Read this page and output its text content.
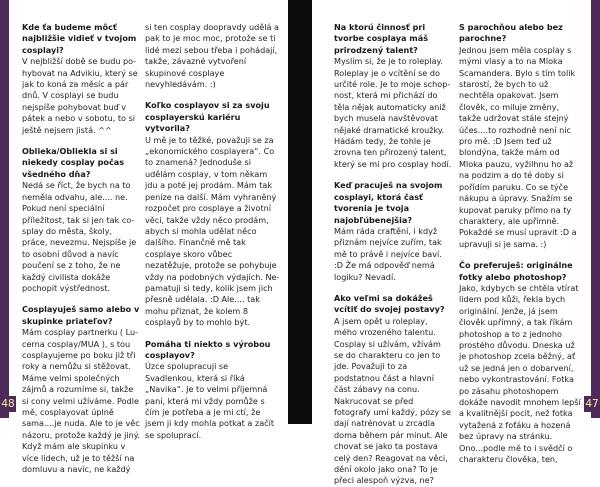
Kde ťa budeme môcť najbližšie vidieť v tvojom cosplayi?

V nejbližší době se budu pohybovat na Advikiu, který se jak to koná za měsíc a pár dnů. V cosplayi se budu nejspíše pohybovat buď v pátek a nebo v sobotu, to si ještě nejsem jistá. ^^

Oblieka/Obliekla si si niekedy cosplay počas všedného dňa?

Nedá se říct, že bych na to neměla odvahu, ale.... ne. Pokud není speciální příležitost, tak si jen tak cosplay do města, školy, práce, nevezmu. Nejspíše je to osobní důvod a navíc poučení se z toho, že ne každý civilista dokáže pochopit výstřednost.

Cosplayuješ samo alebo v skupinke priateľov?

Mám cosplay partnerku ( Lucerna cosplay/MUA ), s tou cosplayujeme po boku již tři roky a nemůžu si stěžovat. Máme velmi společných zájmů a rozumíme si, takže si cony velmi užíváme. Podle mě, cosplayovat úplně sama....je nuda. Ale to je věc názoru, protože každý je jiný. Když mám ale skupinku v více lidech, už je to těžší na domluvu a navíc, ne každý

si ten cosplay doopravdy udělá a pak to je moc moc, protože se ti lidé mezi sebou třeba i pohádají, takže, závazné vytvoření skupinové cosplaye nevyhledávám. :)

Koľko cosplayov si za svoju cosplayerskú kariéru vytvorila?

U mě je to těžké, považuji se za „ekonomického cosplayera“. Co to znamená? Jednoduše si udělám cosplay, v tom někam jdu a poté jej prodám. Mám tak peníze na další. Mám vyhraněný rozpočet pro cosplaye a životní věci, takže vždy něco prodám, abych si mohla udělat něco dalšího. Finančně mě tak cosplaye skoro vůbec nezatěžuje, protože se pohybuje vždy na podobných výdajích. Nepamatuji si tedy, kolik jsem jich přesně udělala. :D Ale.... tak mohu přiznat, že kolem 8 cosplayů by to mohlo být.

Pomáha ti niekto s výrobou cosplayov?

Úzce spolupracuji se Svadlenkou, která si říká „Navika“. Je to velmi příjemná paní, která mi vždy pomůže s čím je potřeba a je mi ctí, že jsem ji kdy mohla potkat a začít se spoluprací.

48

Na ktorú činnosť pri tvorbe cosplaya máš prirodzený talent?

Myslím si, že je to roleplay. Roleplay je o vcítění se do určité role. Je to moje schopnost, která mi přichází do těla nějak automaticky aniž bych musela navštěvovat nějaké dramatické kroužky. Hádám tedy, že tohle je zrovna ten přirozený talent, který se mi pro cosplay hodí.

Keď pracuješ na svojom cosplayi, ktorá časť tvorenia je tvoja najobľúbenejšia?

Mám ráda craftění, i když přiznám nejvíce zuřím, tak mě to právě i nejvíce baví. :D Že má odpověď nemá logiku? Nevadí.

Ako veľmi sa dokážeš vcítiť do svojej postavy?

A jsem opět u roleplay, mého vrozeného talentu. Cosplay si užívám, vžívám se do charakteru co jen to jde. Považuji to za podstatnou část a hlavní část zábavy na conu. Nakrucovat se před fotografy umí každý, pózy se dají natrénovat u zrcadla doma během pár minut. Ale chovat se jako ta postava celý den? Reagovat na věci, dění okolo jako ona? To je přeci alespoň výzva, ne?

S parochňou alebo bez parochne?

Jednou jsem měla cosplay s mými vlasy a to na Mloka Scamandera. Bylo s tím tolik starostí, že bych to už nechtěla opakovat. Jsem člověk, co miluje změny, takže udržovat stále stejný účes....to rozhodně není nic pro mě. :D Jsem teď už blondýna, takže mám od Mloka pauzu, vyžilhnu ho až na podzim a do té doby si pořídím paruku. Co se týče nákupu a úpravy. Snažím se kupovat paruky přímo na ty charaktery, ale upřímně. Pokaždé se musí upravit :D a upravuji si je sama. :)

Čo preferuješ: originálne fotky alebo photoshop?

Jako, kdybych se chtěla vtírat lidem pod kůži, řekla bych originální. Jenže, já jsem člověk upřímný, a tak říkám photoshop a to z jednoho prostého důvodu. Dneska už je photoshop zcela běžný, ať už se jedná jen o dobarvení, nebo vykontrastování. Fotka po zásahu photoshopem dokáže navodit mnohem lepší a kvalitnější pocit, než fotka vytažená z foťáku a hozená bez úpravy na stránku. Ono...podle mě to i svědčí o charakteru člověka, ten,

47
